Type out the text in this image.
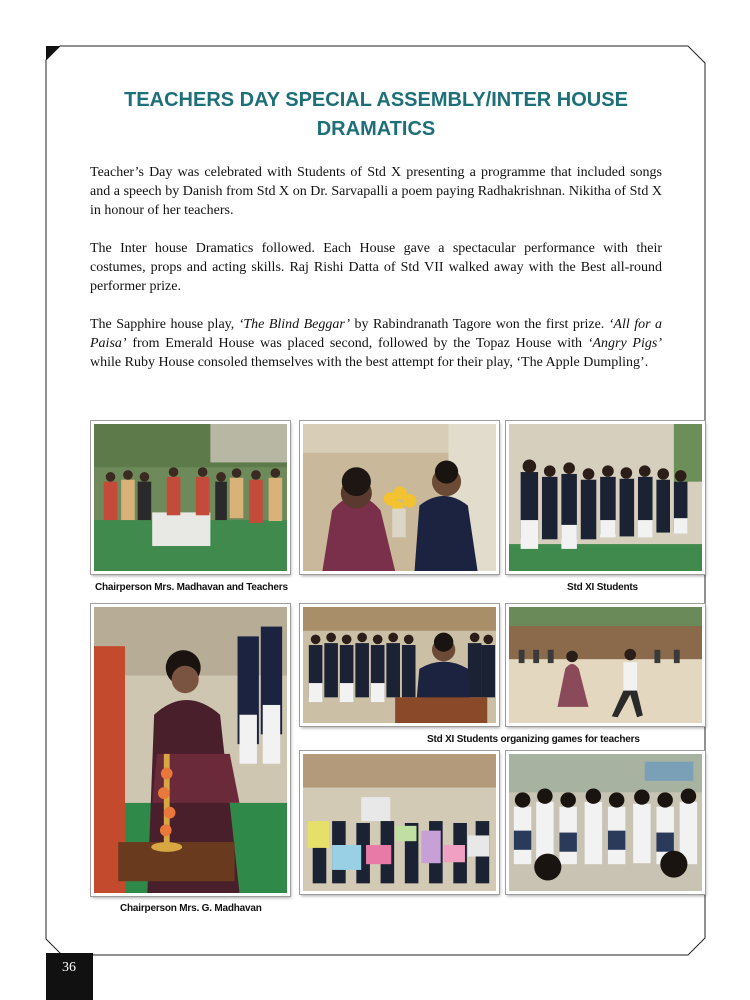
TEACHERS DAY SPECIAL ASSEMBLY/INTER HOUSE DRAMATICS

Teacher’s Day was celebrated with Students of Std X presenting a programme that included songs and a speech by Danish from Std X on Dr. Sarvapalli a poem paying Radhakrishnan. Nikitha of Std X in honour of her teachers.

The Inter house Dramatics followed. Each House gave a spectacular performance with their costumes, props and acting skills. Raj Rishi Datta of Std VII walked away with the Best all-round performer prize.

The Sapphire house play, ‘The Blind Beggar’ by Rabindranath Tagore won the first prize. ‘All for a Paisa’ from Emerald House was placed second, followed by the Topaz House with ‘Angry Pigs’ while Ruby House consoled themselves with the best attempt for their play, ‘The Apple Dumpling’.

Chairperson Mrs. Madhavan and Teachers	Std XI Students
Std XI Students organizing games for teachers
Chairperson Mrs. G. Madhavan
36
